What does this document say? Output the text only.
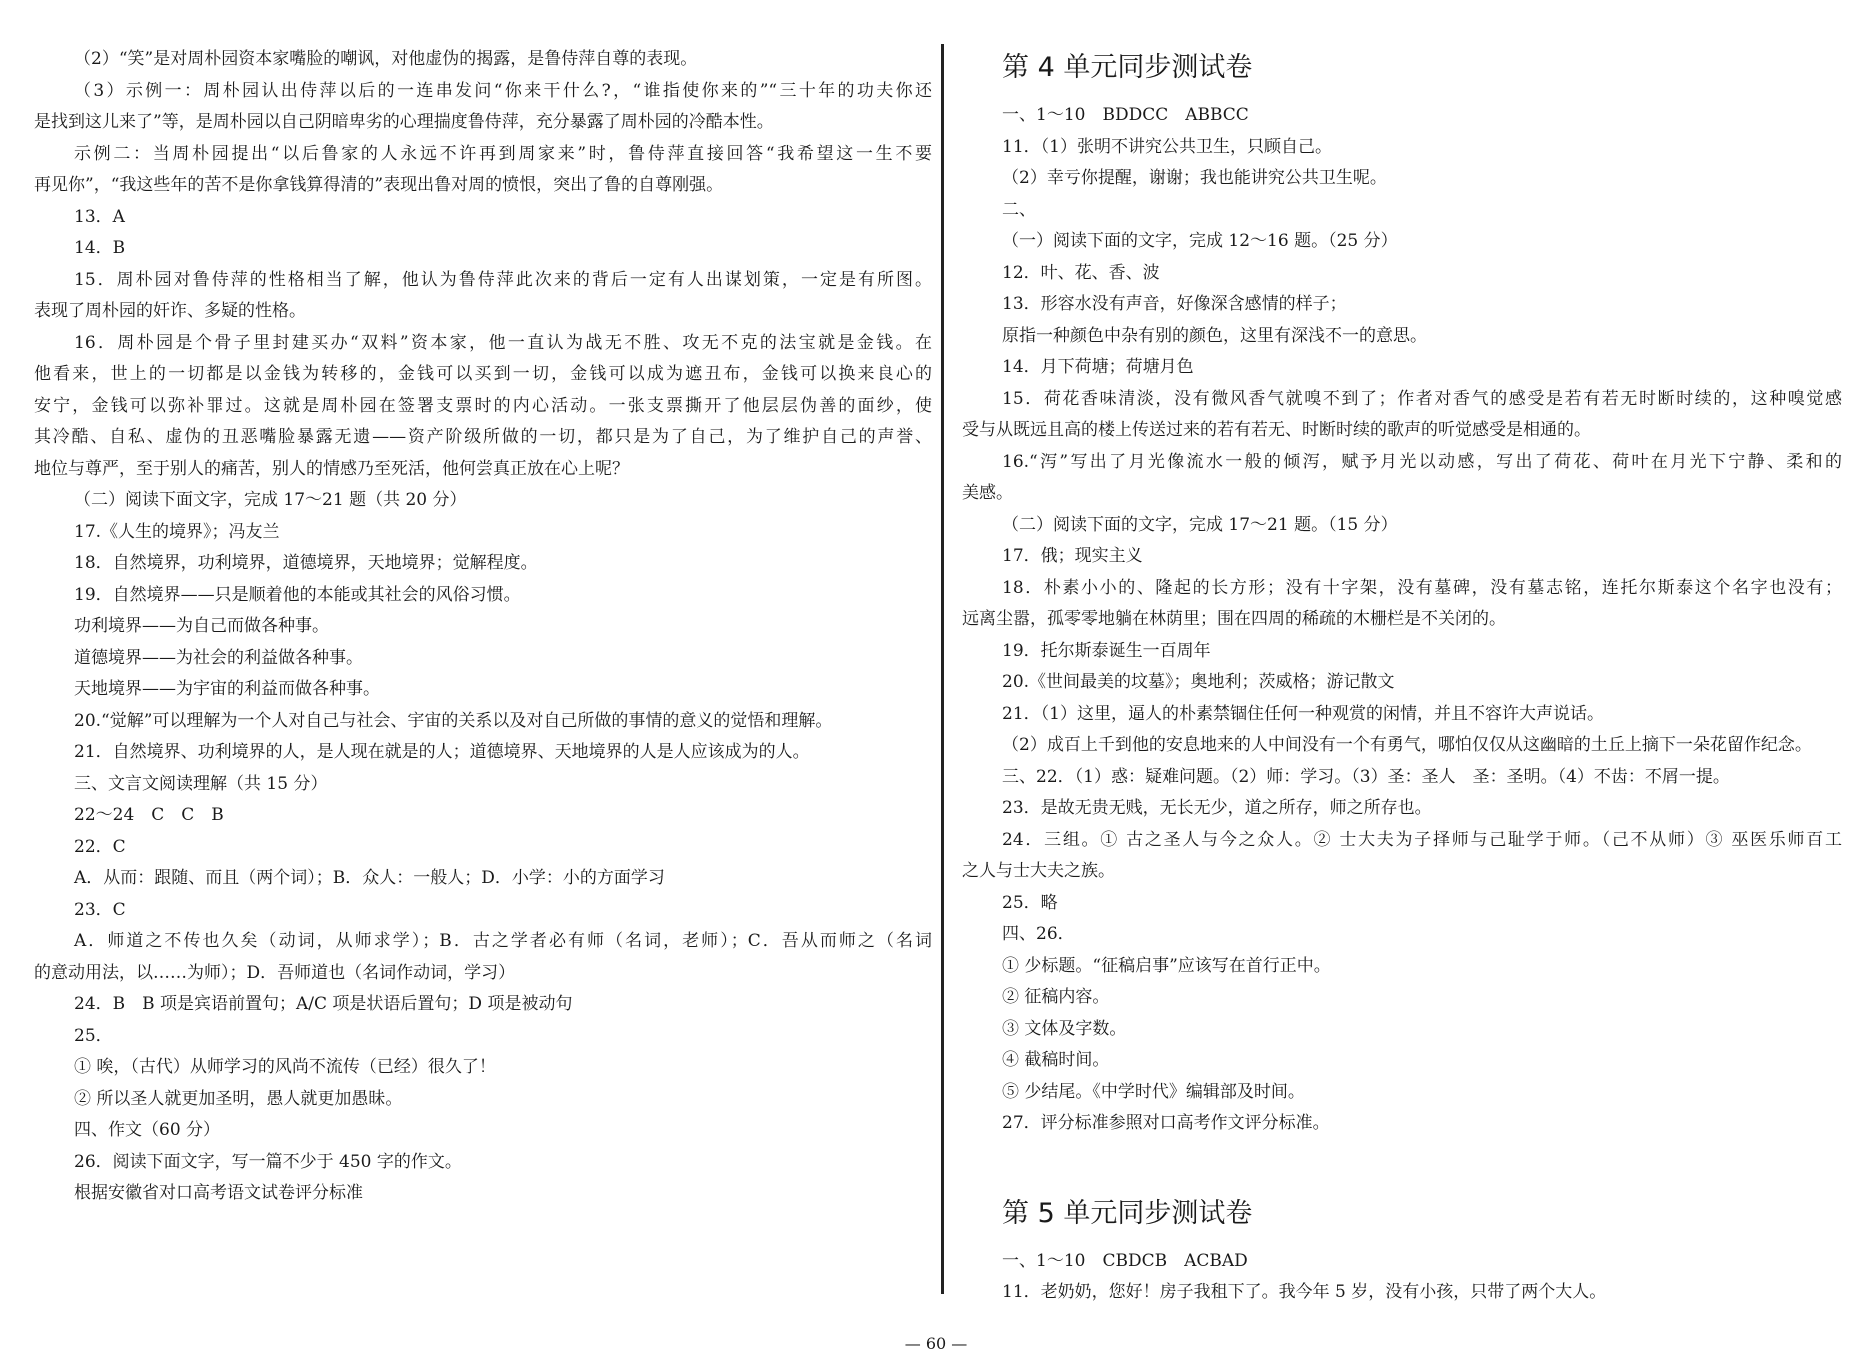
（2）“笑”是对周朴园资本家嘴脸的嘲讽，对他虚伪的揭露，是鲁侍萍自尊的表现。
（3）示例一：周朴园认出侍萍以后的一连串发问“你来干什么?，“谁指使你来的”“三十年的功夫你还
是找到这儿来了”等，是周朴园以自己阴暗卑劣的心理揣度鲁侍萍，充分暴露了周朴园的冷酷本性。
示例二：当周朴园提出“以后鲁家的人永远不许再到周家来”时，鲁侍萍直接回答“我希望这一生不要
再见你”，“我这些年的苦不是你拿钱算得清的”表现出鲁对周的愤恨，突出了鲁的自尊刚强。
13．A
14．B
15．周朴园对鲁侍萍的性格相当了解，他认为鲁侍萍此次来的背后一定有人出谋划策，一定是有所图。
表现了周朴园的奸诈、多疑的性格。
16．周朴园是个骨子里封建买办“双料”资本家，他一直认为战无不胜、攻无不克的法宝就是金钱。在
他看来，世上的一切都是以金钱为转移的，金钱可以买到一切，金钱可以成为遮丑布，金钱可以换来良心的
安宁，金钱可以弥补罪过。这就是周朴园在签署支票时的内心活动。一张支票撕开了他层层伪善的面纱，使
其冷酷、自私、虚伪的丑恶嘴脸暴露无遗——资产阶级所做的一切，都只是为了自己，为了维护自己的声誉、
地位与尊严，至于别人的痛苦，别人的情感乃至死活，他何尝真正放在心上呢？
（二）阅读下面文字，完成 17～21 题（共 20 分）
17.《人生的境界》；冯友兰
18．自然境界，功利境界，道德境界，天地境界；觉解程度。
19．自然境界——只是顺着他的本能或其社会的风俗习惯。
功利境界——为自己而做各种事。
道德境界——为社会的利益做各种事。
天地境界——为宇宙的利益而做各种事。
20.“觉解”可以理解为一个人对自己与社会、宇宙的关系以及对自己所做的事情的意义的觉悟和理解。
21．自然境界、功利境界的人，是人现在就是的人；道德境界、天地境界的人是人应该成为的人。
三、文言文阅读理解（共 15 分）
22～24　C　C　B
22．C
A．从而：跟随、而且（两个词）；B．众人：一般人；D．小学：小的方面学习
23．C
A．师道之不传也久矣（动词，从师求学）；B．古之学者必有师（名词，老师）；C．吾从而师之（名词
的意动用法，以……为师）；D．吾师道也（名词作动词，学习）
24．B　B 项是宾语前置句；A/C 项是状语后置句；D 项是被动句
25．
① 唉，（古代）从师学习的风尚不流传（已经）很久了！
② 所以圣人就更加圣明，愚人就更加愚昧。
四、作文（60 分）
26．阅读下面文字，写一篇不少于 450 字的作文。
根据安徽省对口高考语文试卷评分标准
第 4 单元同步测试卷
一、1～10　BDDCC　ABBCC
11．（1）张明不讲究公共卫生，只顾自己。
（2）幸亏你提醒，谢谢；我也能讲究公共卫生呢。
二、
（一）阅读下面的文字，完成 12～16 题。（25 分）
12．叶、花、香、波
13．形容水没有声音，好像深含感情的样子；
原指一种颜色中杂有别的颜色，这里有深浅不一的意思。
14．月下荷塘；荷塘月色
15．荷花香味清淡，没有微风香气就嗅不到了；作者对香气的感受是若有若无时断时续的，这种嗅觉感
受与从既远且高的楼上传送过来的若有若无、时断时续的歌声的听觉感受是相通的。
16.“泻”写出了月光像流水一般的倾泻，赋予月光以动感，写出了荷花、荷叶在月光下宁静、柔和的
美感。
（二）阅读下面的文字，完成 17～21 题。（15 分）
17．俄；现实主义
18．朴素小小的、隆起的长方形；没有十字架，没有墓碑，没有墓志铭，连托尔斯泰这个名字也没有；
远离尘嚣，孤零零地躺在林荫里；围在四周的稀疏的木栅栏是不关闭的。
19．托尔斯泰诞生一百周年
20.《世间最美的坟墓》；奥地利；茨威格；游记散文
21．（1）这里，逼人的朴素禁锢住任何一种观赏的闲情，并且不容许大声说话。
（2）成百上千到他的安息地来的人中间没有一个有勇气，哪怕仅仅从这幽暗的土丘上摘下一朵花留作纪念。
三、22．（1）惑：疑难问题。（2）师：学习。（3）圣：圣人　圣：圣明。（4）不齿：不屑一提。
23．是故无贵无贱，无长无少，道之所存，师之所存也。
24．三组。① 古之圣人与今之众人。② 士大夫为子择师与己耻学于师。（己不从师）③ 巫医乐师百工
之人与士大夫之族。
25．略
四、26．
① 少标题。“征稿启事”应该写在首行正中。
② 征稿内容。
③ 文体及字数。
④ 截稿时间。
⑤ 少结尾。《中学时代》编辑部及时间。
27．评分标准参照对口高考作文评分标准。
第 5 单元同步测试卷
一、1～10　CBDCB　ACBAD
11．老奶奶，您好！房子我租下了。我今年 5 岁，没有小孩，只带了两个大人。
— 60 —
